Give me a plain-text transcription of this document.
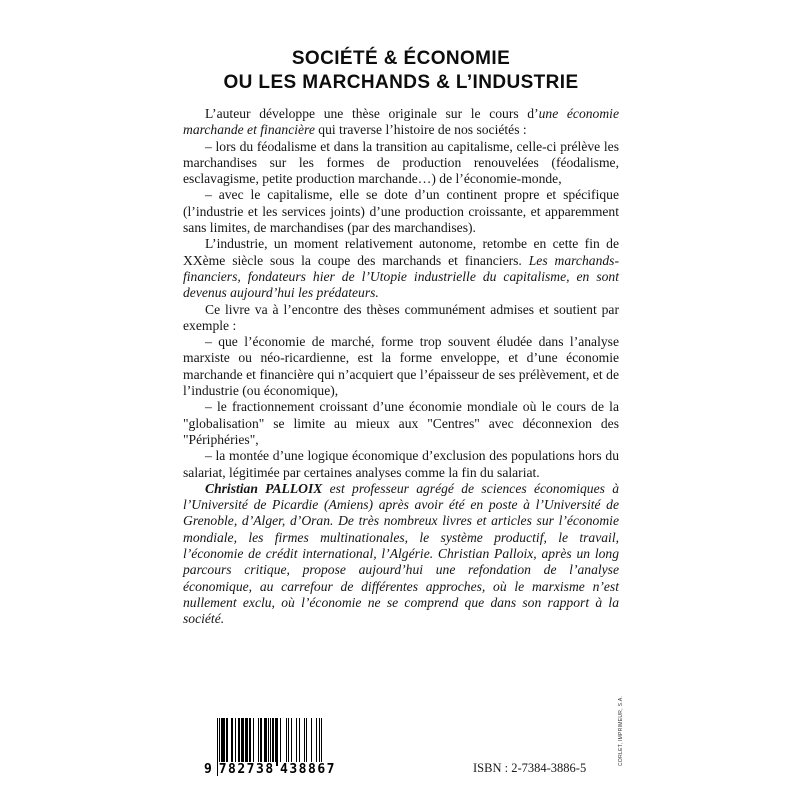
SOCIÉTÉ & ÉCONOMIE
OU LES MARCHANDS & L’INDUSTRIE

L’auteur développe une thèse originale sur le cours d’une économie marchande et financière qui traverse l’histoire de nos sociétés :

– lors du féodalisme et dans la transition au capitalisme, celle-ci prélève les marchandises sur les formes de production renouvelées (féodalisme, esclavagisme, petite production marchande…) de l’économie-monde,

– avec le capitalisme, elle se dote d’un continent propre et spécifique (l’industrie et les services joints) d’une production croissante, et apparemment sans limites, de marchandises (par des marchandises).

L’industrie, un moment relativement autonome, retombe en cette fin de XXème siècle sous la coupe des marchands et financiers. Les marchands-financiers, fondateurs hier de l’Utopie industrielle du capitalisme, en sont devenus aujourd’hui les prédateurs.

Ce livre va à l’encontre des thèses communément admises et soutient par exemple :

– que l’économie de marché, forme trop souvent éludée dans l’analyse marxiste ou néo-ricardienne, est la forme enveloppe, et d’une économie marchande et financière qui n’acquiert que l’épaisseur de ses prélèvement, et de l’industrie (ou économique),

– le fractionnement croissant d’une économie mondiale où le cours de la "globalisation" se limite au mieux aux "Centres" avec déconnexion des "Périphéries",

– la montée d’une logique économique d’exclusion des populations hors du salariat, légitimée par certaines analyses comme la fin du salariat.

Christian PALLOIX est professeur agrégé de sciences économiques à l’Université de Picardie (Amiens) après avoir été en poste à l’Université de Grenoble, d’Alger, d’Oran. De très nombreux livres et articles sur l’économie mondiale, les firmes multinationales, le système productif, le travail, l’économie de crédit international, l’Algérie. Christian Palloix, après un long parcours critique, propose aujourd’hui une refondation de l’analyse économique, au carrefour de différentes approches, où le marxisme n’est nullement exclu, où l’économie ne se comprend que dans son rapport à la société.

9 782738 438867	ISBN : 2-7384-3886-5
CORLET, IMPRIMEUR, S.A.
